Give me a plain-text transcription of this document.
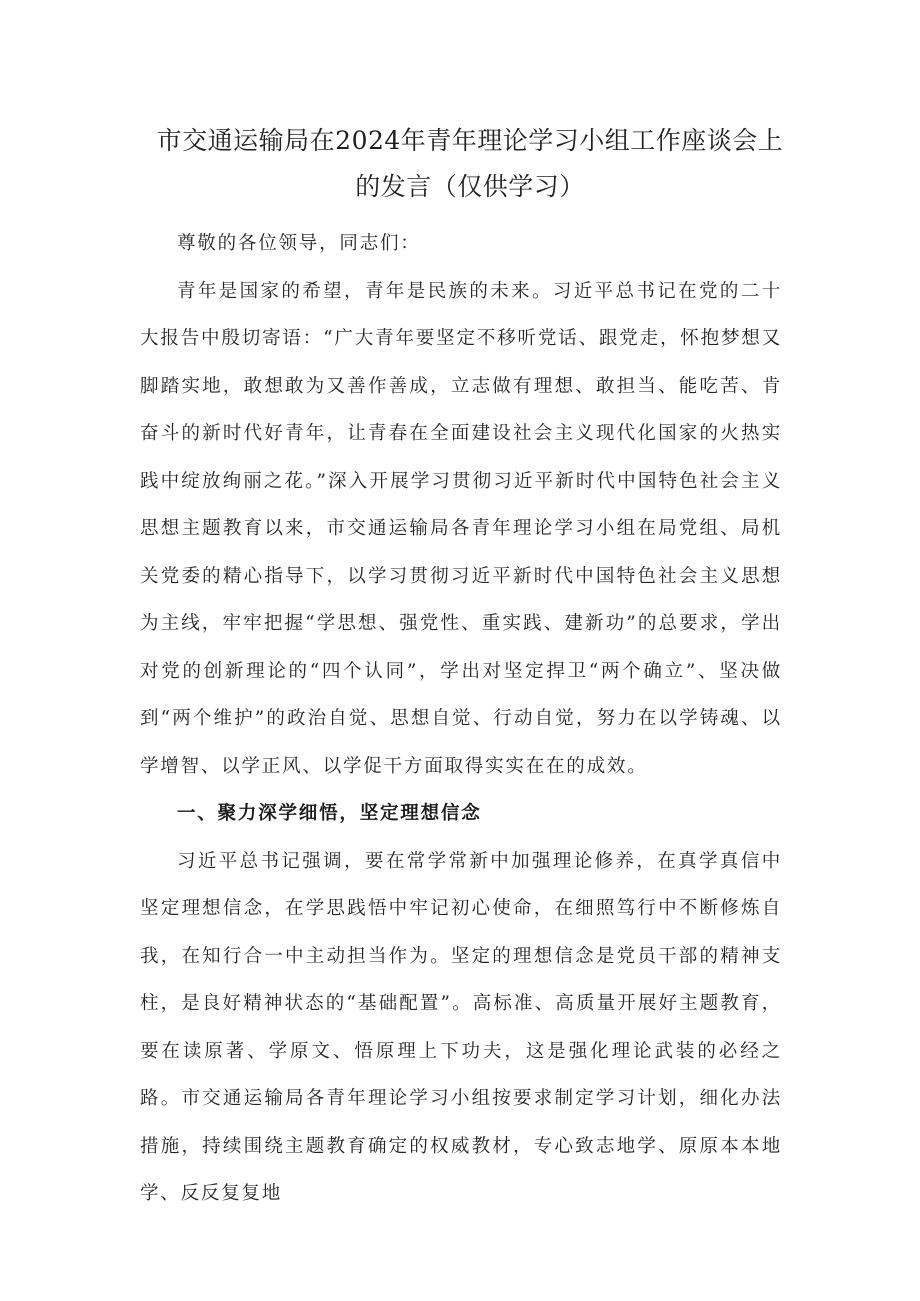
市交通运输局在2024年青年理论学习小组工作座谈会上的发言（仅供学习）

尊敬的各位领导，同志们：

青年是国家的希望，青年是民族的未来。习近平总书记在党的二十大报告中殷切寄语：“广大青年要坚定不移听党话、跟党走，怀抱梦想又脚踏实地，敢想敢为又善作善成，立志做有理想、敢担当、能吃苦、肯奋斗的新时代好青年，让青春在全面建设社会主义现代化国家的火热实践中绽放绚丽之花。”深入开展学习贯彻习近平新时代中国特色社会主义思想主题教育以来，市交通运输局各青年理论学习小组在局党组、局机关党委的精心指导下，以学习贯彻习近平新时代中国特色社会主义思想为主线，牢牢把握“学思想、强党性、重实践、建新功”的总要求，学出对党的创新理论的“四个认同”，学出对坚定捍卫“两个确立”、坚决做到“两个维护”的政治自觉、思想自觉、行动自觉，努力在以学铸魂、以学增智、以学正风、以学促干方面取得实实在在的成效。

一、聚力深学细悟，坚定理想信念

习近平总书记强调，要在常学常新中加强理论修养，在真学真信中坚定理想信念，在学思践悟中牢记初心使命，在细照笃行中不断修炼自我，在知行合一中主动担当作为。坚定的理想信念是党员干部的精神支柱，是良好精神状态的“基础配置”。高标准、高质量开展好主题教育，要在读原著、学原文、悟原理上下功夫，这是强化理论武装的必经之路。市交通运输局各青年理论学习小组按要求制定学习计划，细化办法措施，持续围绕主题教育确定的权威教材，专心致志地学、原原本本地学、反反复复地
